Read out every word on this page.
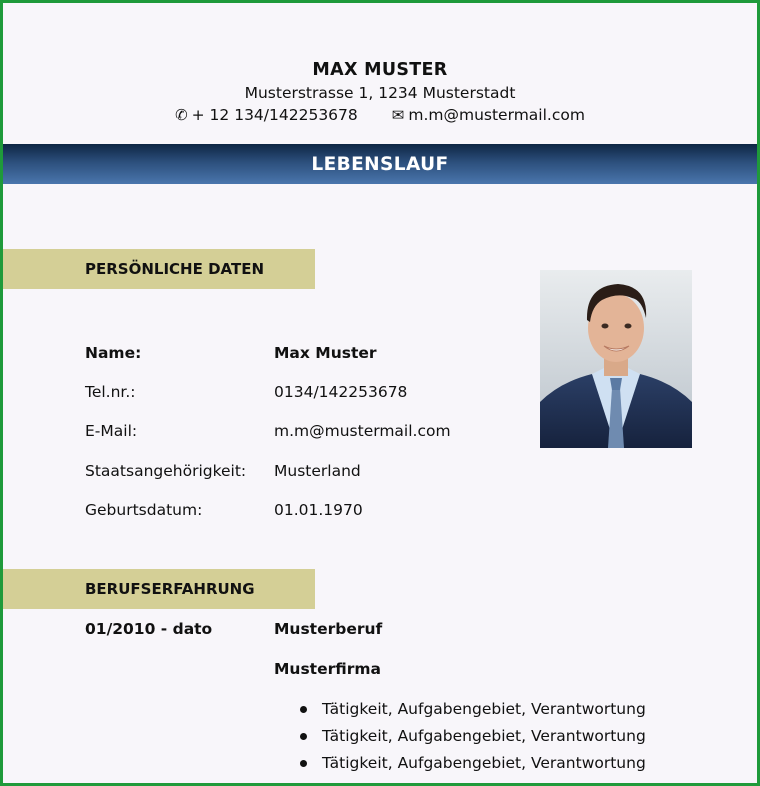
MAX MUSTER
Musterstrasse 1, 1234 Musterstadt
✆ + 12 134/142253678 ✉ m.m@mustermail.com
LEBENSLAUF
PERSÖNLICHE DATEN
Name:	Max Muster
Tel.nr.:	0134/142253678
E-Mail:	m.m@mustermail.com
Staatsangehörigkeit: Musterland
Geburtsdatum:	01.01.1970
BERUFSERFAHRUNG
01/2010 - dato	Musterberuf
Musterfirma
Tätigkeit, Aufgabengebiet, Verantwortung
Tätigkeit, Aufgabengebiet, Verantwortung
Tätigkeit, Aufgabengebiet, Verantwortung
